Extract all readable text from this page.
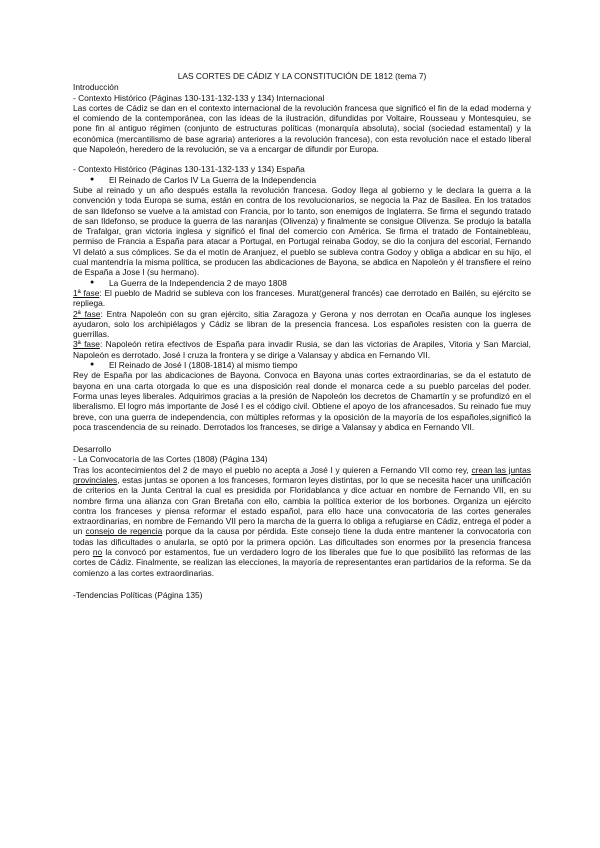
LAS CORTES DE CÁDIZ Y LA CONSTITUCIÓN DE 1812 (tema 7)
Introducción
- Contexto Histórico (Páginas 130-131-132-133 y 134) Internacional
Las cortes de Cádiz se dan en el contexto internacional de la revolución francesa que significó el fin de la edad moderna y el comiendo de la contemporánea, con las ideas de la ilustración, difundidas por Voltaire, Rousseau y Montesquieu, se pone fin al antiguo régimen (conjunto de estructuras políticas (monarquía absoluta), social (sociedad estamental) y la económica (mercantilismo de base agraria) anteriores a la revolución francesa), con esta revolución nace el estado liberal que Napoleón, heredero de la revolución, se va a encargar de difundir por Europa.
- Contexto Histórico (Páginas 130-131-132-133 y 134) España
●	El Reinado de Carlos IV La Guerra de la Independencia
Sube al reinado y un año después estalla la revolución francesa. Godoy llega al gobierno y le declara la guerra a la convención y toda Europa se suma, están en contra de los revolucionarios, se negocia la Paz de Basilea. En los tratados de san Ildefonso se vuelve a la amistad con Francia, por lo tanto, son enemigos de Inglaterra. Se firma el segundo tratado de san Ildefonso, se produce la guerra de las naranjas (Olivenza) y finalmente se consigue Olivenza. Se produjo la batalla de Trafalgar, gran victoria inglesa y significó el final del comercio con América. Se firma el tratado de Fontainebleau, permiso de Francia a España para atacar a Portugal, en Portugal reinaba Godoy, se dio la conjura del escorial, Fernando VI delató a sus cómplices. Se da el motín de Aranjuez, el pueblo se subleva contra Godoy y obliga a abdicar en su hijo, el cual mantendría la misma política, se producen las abdicaciones de Bayona, se abdica en Napoleón y él transfiere el reino de España a Jose I (su hermano).
●	La Guerra de la Independencia 2 de mayo 1808
1ª fase: El pueblo de Madrid se subleva con los franceses. Murat(general francés) cae derrotado en Bailén, su ejército se repliega.
2ª fase: Entra Napoleón con su gran ejército, sitia Zaragoza y Gerona y nos derrotan en Ocaña aunque los ingleses ayudaron, solo los archipiélagos y Cádiz se libran de la presencia francesa. Los españoles resisten con la guerra de guerrillas.
3ª fase: Napoleón retira efectivos de España para invadir Rusia, se dan las victorias de Arapiles, Vitoria y San Marcial, Napoleón es derrotado. José I cruza la frontera y se dirige a Valansay y abdica en Fernando VII.
●	El Reinado de José I (1808-1814) al mismo tiempo
Rey de España por las abdicaciones de Bayona. Convoca en Bayona unas cortes extraordinarias, se da el estatuto de bayona en una carta otorgada lo que es una disposición real donde el monarca cede a su pueblo parcelas del poder. Forma unas leyes liberales. Adquirimos gracias a la presión de Napoleón los decretos de Chamartín y se profundizó en el liberalismo. El logro más importante de José I es el código civil. Obtiene el apoyo de los afrancesados. Su reinado fue muy breve, con una guerra de independencia, con múltiples reformas y la oposición de la mayoría de los españoles,significó la poca trascendencia de su reinado. Derrotados los franceses, se dirige a Valansay y abdica en Fernando VII.
Desarrollo
- La Convocatoria de las Cortes (1808) (Página 134)
Tras los acontecimientos del 2 de mayo el pueblo no acepta a José I y quieren a Fernando VII como rey, crean las juntas provinciales, estas juntas se oponen a los franceses, formaron leyes distintas, por lo que se necesita hacer una unificación de criterios en la Junta Central la cual es presidida por Floridablanca y dice actuar en nombre de Fernando VII, en su nombre firma una alianza con Gran Bretaña con ello, cambia la política exterior de los borbones. Organiza un ejército contra los franceses y piensa reformar el estado español, para ello hace una convocatoria de las cortes generales extraordinarias, en nombre de Fernando VII pero la marcha de la guerra lo obliga a refugiarse en Cádiz, entrega el poder a un consejo de regencia porque da la causa por pérdida. Este consejo tiene la duda entre mantener la convocatoria con todas las dificultades o anularla, se optó por la primera opción. Las dificultades son enormes por la presencia francesa pero no la convocó por estamentos, fue un verdadero logro de los liberales que fue lo que posibilitó las reformas de las cortes de Cádiz. Finalmente, se realizan las elecciones, la mayoría de representantes eran partidarios de la reforma. Se da comienzo a las cortes extraordinarias.
-Tendencias Políticas (Página 135)
